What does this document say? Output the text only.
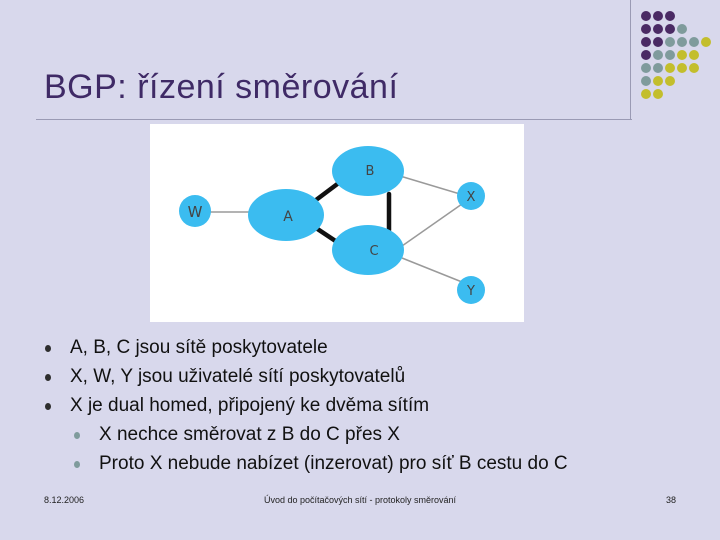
BGP: řízení směrování
W	A
B
C
X
Y
A, B, C jsou sítě poskytovatele
X, W, Y jsou uživatelé sítí poskytovatelů
X je dual homed, připojený ke dvěma sítím
X nechce směrovat z B do C přes X
Proto X nebude nabízet (inzerovat) pro síť B cestu do C
8.12.2006	Úvod do počítačových sítí - protokoly směrování	38
